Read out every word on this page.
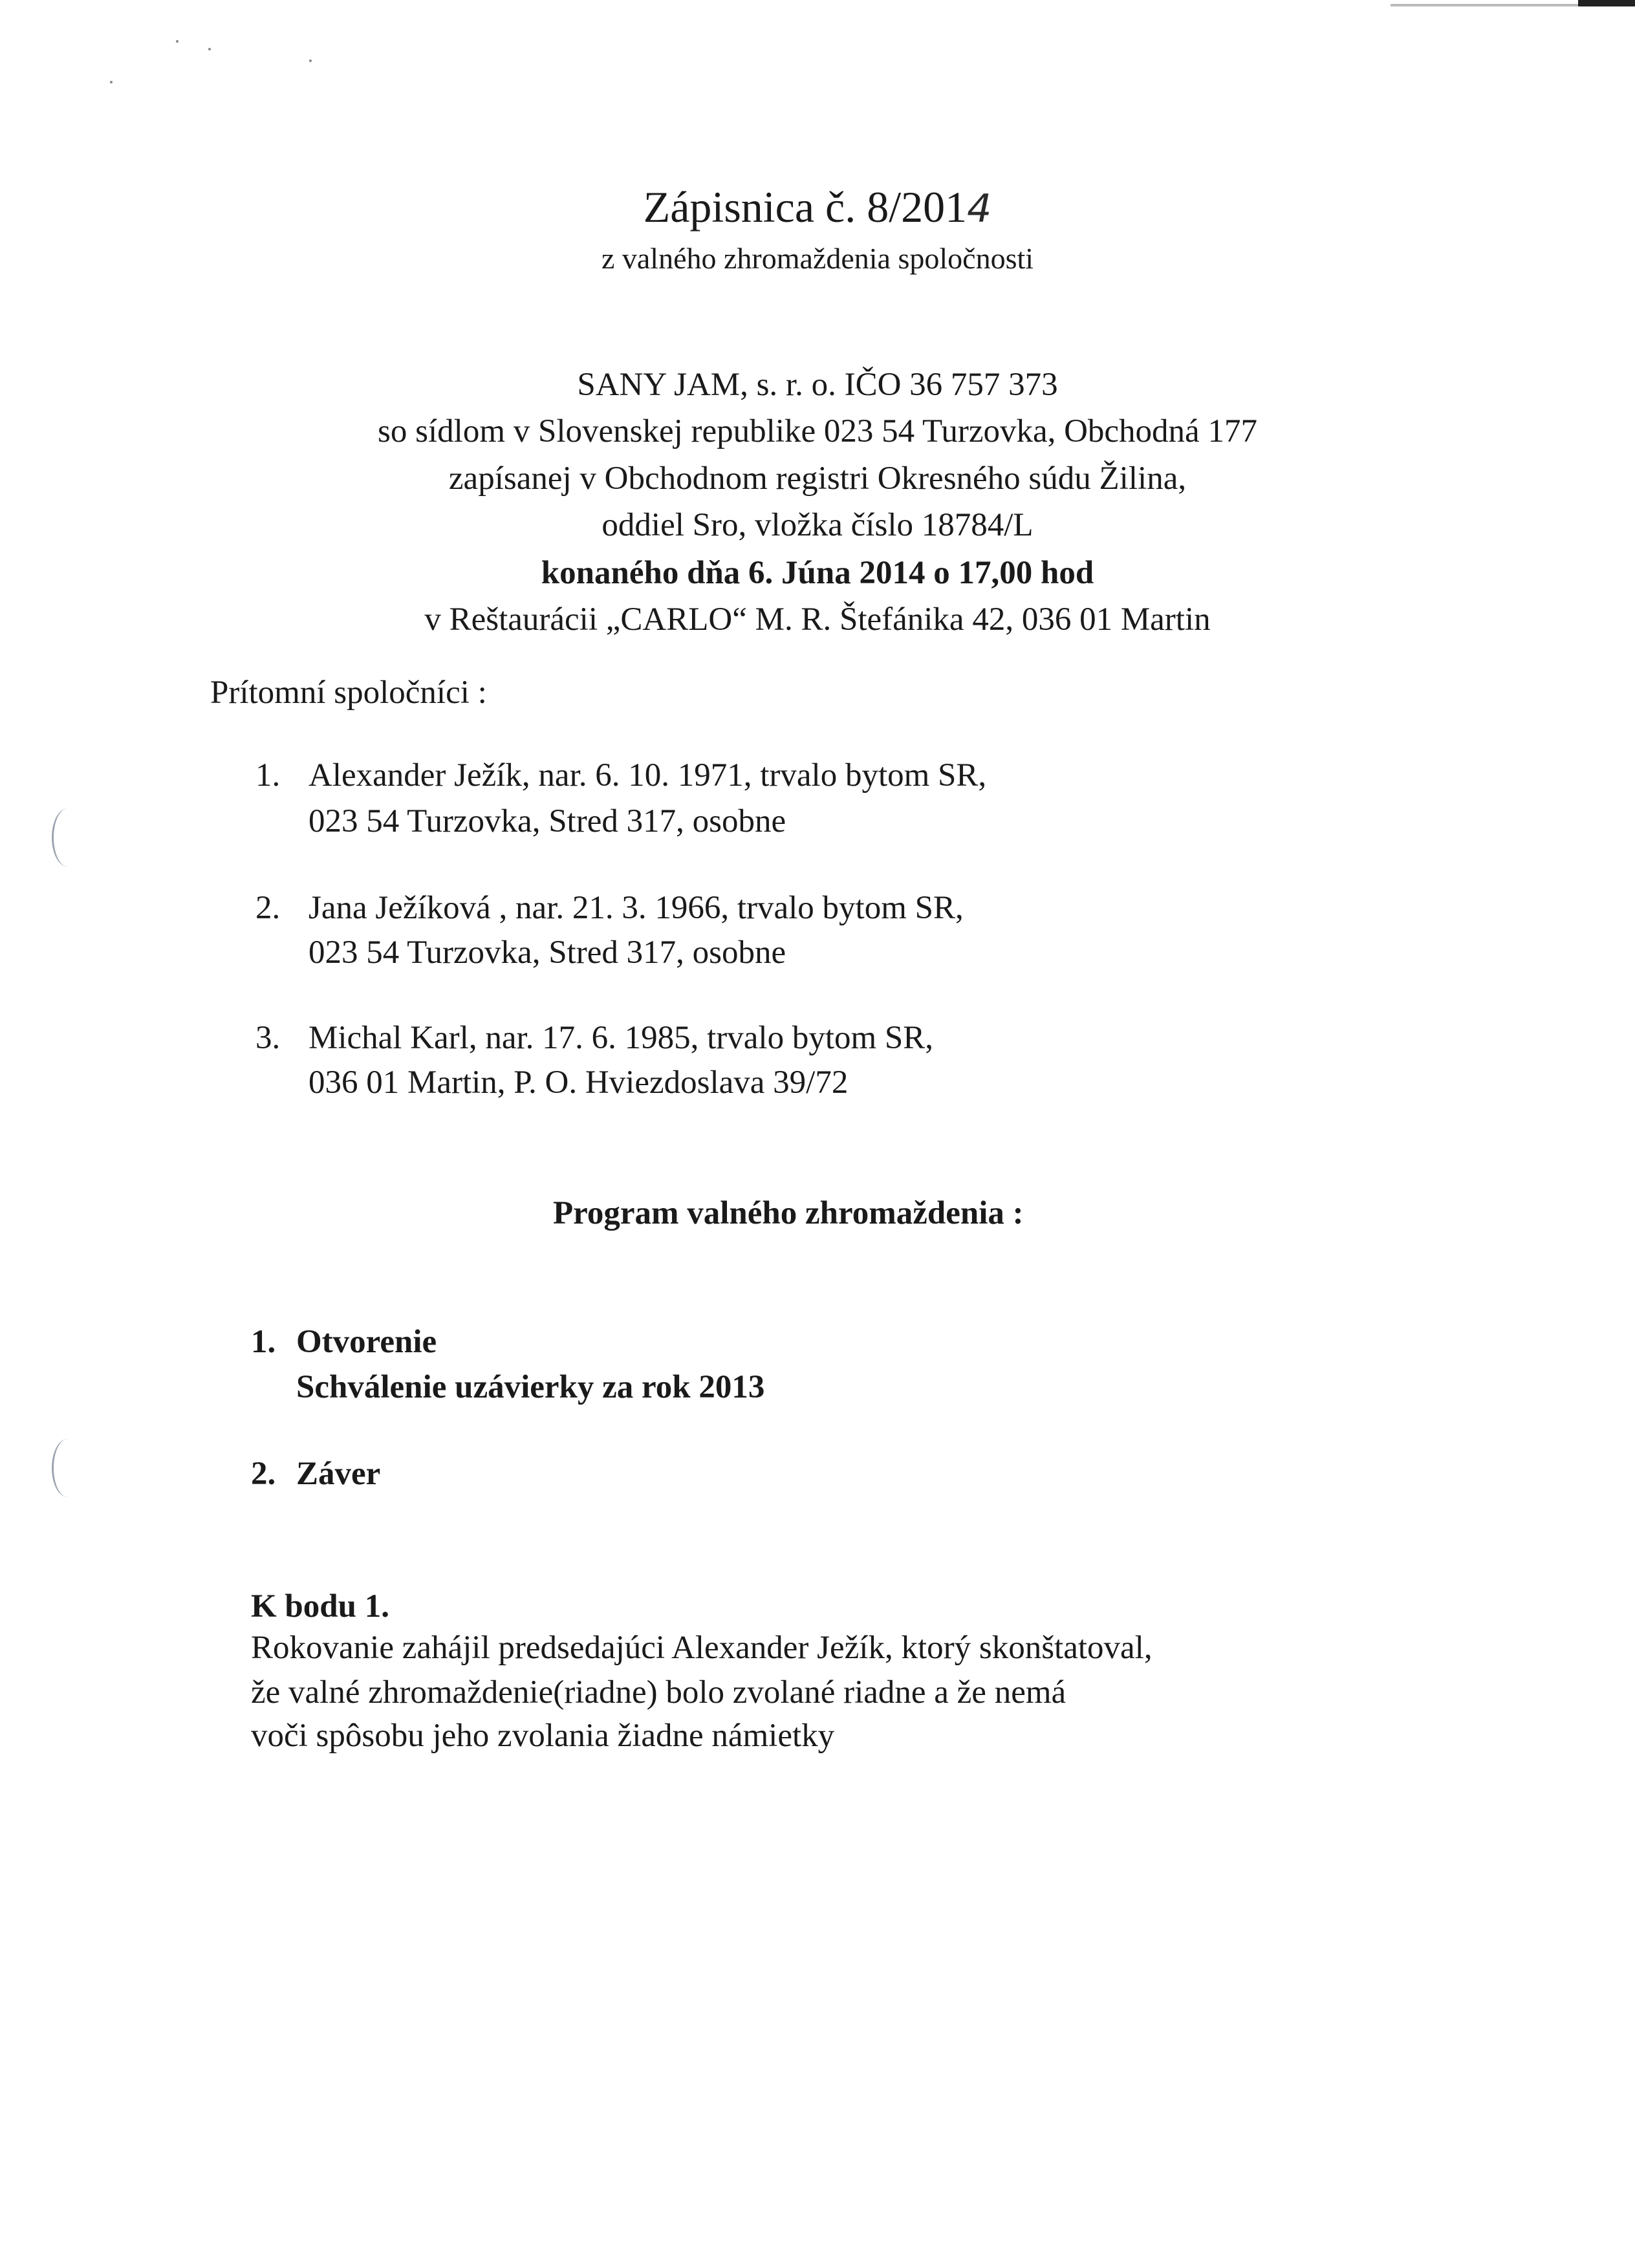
Zápisnica č. 8/2014
z valného zhromaždenia spoločnosti
SANY JAM, s. r. o. IČO 36 757 373
so sídlom v Slovenskej republike 023 54 Turzovka, Obchodná 177
zapísanej v Obchodnom registri Okresného súdu Žilina,
oddiel Sro, vložka číslo 18784/L
konaného dňa 6. Júna 2014 o 17,00 hod
v Reštaurácii „CARLO“ M. R. Štefánika 42, 036 01 Martin
Prítomní spoločníci :
1. Alexander Ježík, nar. 6. 10. 1971, trvalo bytom SR,
023 54 Turzovka, Stred 317, osobne
2. Jana Ježíková , nar. 21. 3. 1966, trvalo bytom SR,
023 54 Turzovka, Stred 317, osobne
3. Michal Karl, nar. 17. 6. 1985, trvalo bytom SR,
036 01 Martin, P. O. Hviezdoslava 39/72
Program valného zhromaždenia :
1. Otvorenie
Schválenie uzávierky za rok 2013
2. Záver
K bodu 1.
Rokovanie zahájil predsedajúci Alexander Ježík, ktorý skonštatoval,
že valné zhromaždenie(riadne) bolo zvolané riadne a že nemá
voči spôsobu jeho zvolania žiadne námietky
